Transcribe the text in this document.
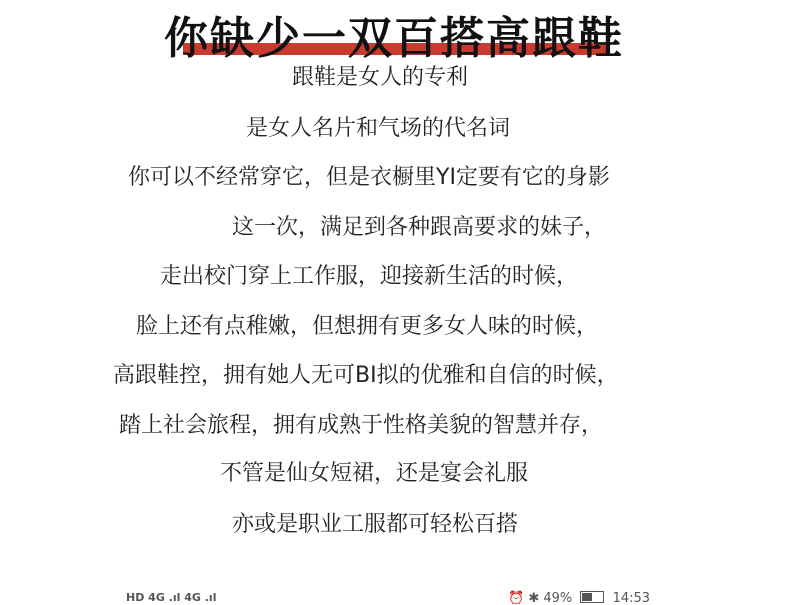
你缺少一双百搭高跟鞋
跟鞋是女人的专利
是女人名片和气场的代名词
你可以不经常穿它，但是衣橱里YI定要有它的身影
这一次，满足到各种跟高要求的妹子，
走出校门穿上工作服，迎接新生活的时候，
脸上还有点稚嫩，但想拥有更多女人味的时候，
高跟鞋控，拥有她人无可BI拟的优雅和自信的时候，
踏上社会旅程，拥有成熟于性格美貌的智慧并存，
不管是仙女短裙，还是宴会礼服
亦或是职业工服都可轻松百搭
HD 4G .ıl 4G .ıl	⏰ ✱ 49%	14:53
